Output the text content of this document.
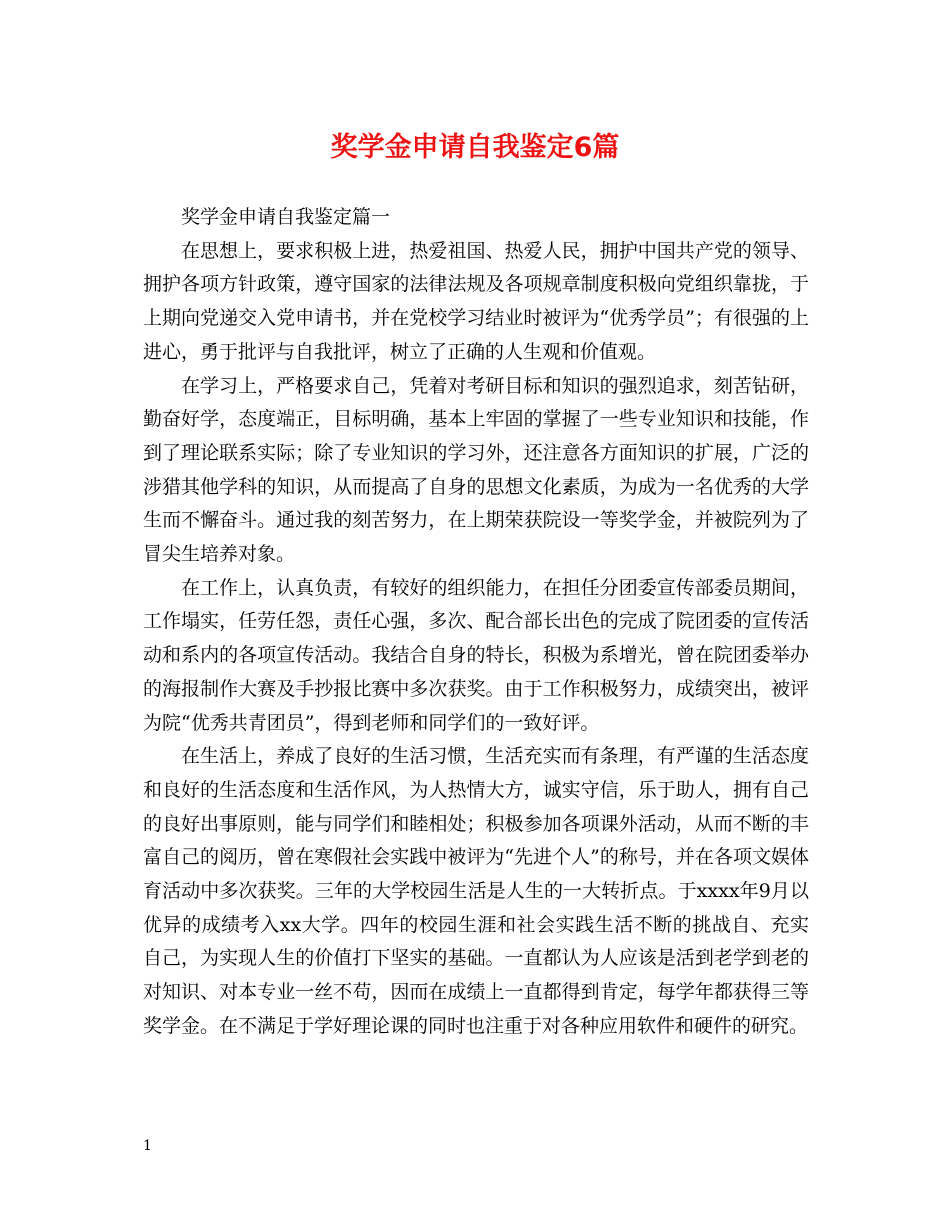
奖学金申请自我鉴定6篇

奖学金申请自我鉴定篇一

在思想上，要求积极上进，热爱祖国、热爱人民，拥护中国共产党的领导、拥护各项方针政策，遵守国家的法律法规及各项规章制度积极向党组织靠拢，于上期向党递交入党申请书，并在党校学习结业时被评为“优秀学员”；有很强的上进心，勇于批评与自我批评，树立了正确的人生观和价值观。

在学习上，严格要求自己，凭着对考研目标和知识的强烈追求，刻苦钻研，勤奋好学，态度端正，目标明确，基本上牢固的掌握了一些专业知识和技能，作到了理论联系实际；除了专业知识的学习外，还注意各方面知识的扩展，广泛的涉猎其他学科的知识，从而提高了自身的思想文化素质，为成为一名优秀的大学生而不懈奋斗。通过我的刻苦努力，在上期荣获院设一等奖学金，并被院列为了冒尖生培养对象。

在工作上，认真负责，有较好的组织能力，在担任分团委宣传部委员期间，工作塌实，任劳任怨，责任心强，多次、配合部长出色的完成了院团委的宣传活动和系内的各项宣传活动。我结合自身的特长，积极为系增光，曾在院团委举办的海报制作大赛及手抄报比赛中多次获奖。由于工作积极努力，成绩突出，被评为院“优秀共青团员”，得到老师和同学们的一致好评。

在生活上，养成了良好的生活习惯，生活充实而有条理，有严谨的生活态度和良好的生活态度和生活作风，为人热情大方，诚实守信，乐于助人，拥有自己的良好出事原则，能与同学们和睦相处；积极参加各项课外活动，从而不断的丰富自己的阅历，曾在寒假社会实践中被评为“先进个人”的称号，并在各项文娱体育活动中多次获奖。三年的大学校园生活是人生的一大转折点。于xxxx年9月以优异的成绩考入xx大学。四年的校园生涯和社会实践生活不断的挑战自、充实自己，为实现人生的价值打下坚实的基础。一直都认为人应该是活到老学到老的对知识、对本专业一丝不苟，因而在成绩上一直都得到肯定，每学年都获得三等奖学金。在不满足于学好理论课的同时也注重于对各种应用软件和硬件的研究。

1
